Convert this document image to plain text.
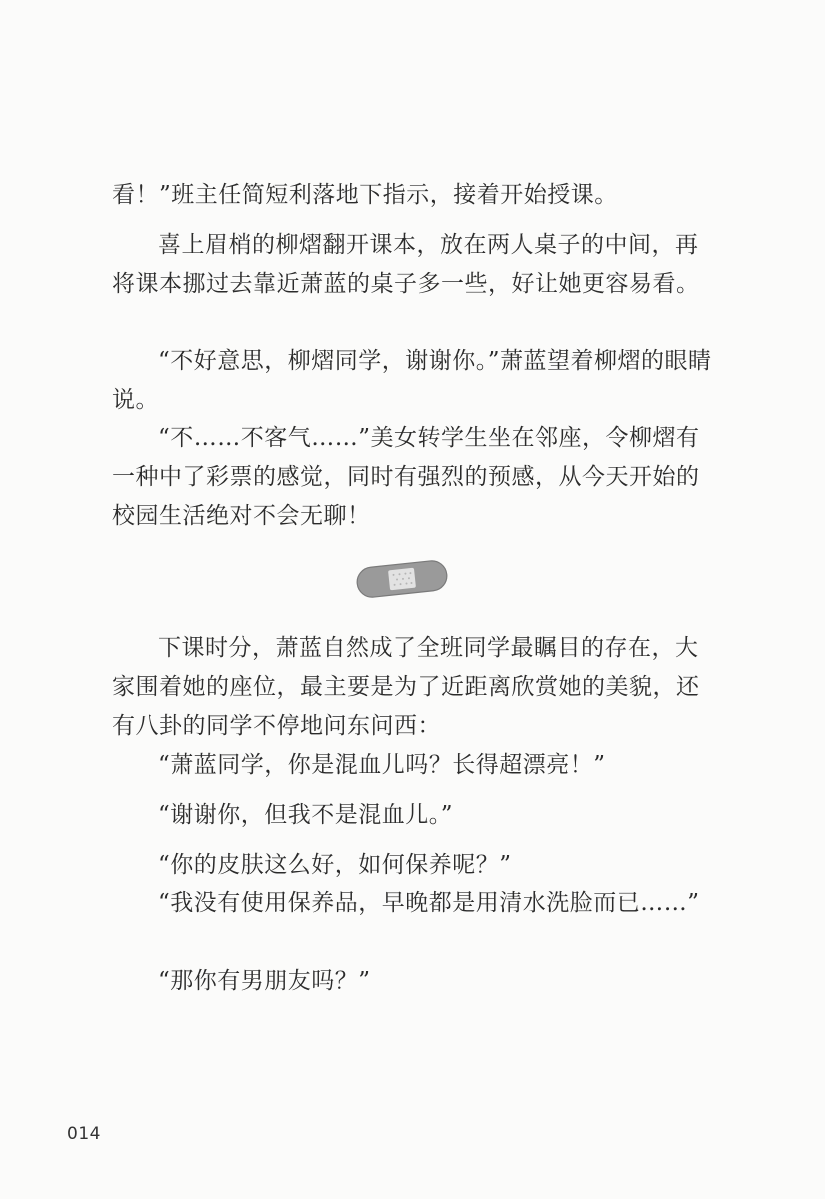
看！”班主任简短利落地下指示，接着开始授课。

喜上眉梢的柳熠翻开课本，放在两人桌子的中间，再将课本挪过去靠近萧蓝的桌子多一些，好让她更容易看。

“不好意思，柳熠同学，谢谢你。”萧蓝望着柳熠的眼睛说。

“不……不客气……”美女转学生坐在邻座，令柳熠有一种中了彩票的感觉，同时有强烈的预感，从今天开始的校园生活绝对不会无聊！

下课时分，萧蓝自然成了全班同学最瞩目的存在，大家围着她的座位，最主要是为了近距离欣赏她的美貌，还有八卦的同学不停地问东问西：

“萧蓝同学，你是混血儿吗？长得超漂亮！”

“谢谢你，但我不是混血儿。”

“你的皮肤这么好，如何保养呢？”

“我没有使用保养品，早晚都是用清水洗脸而已……”

“那你有男朋友吗？”

014
